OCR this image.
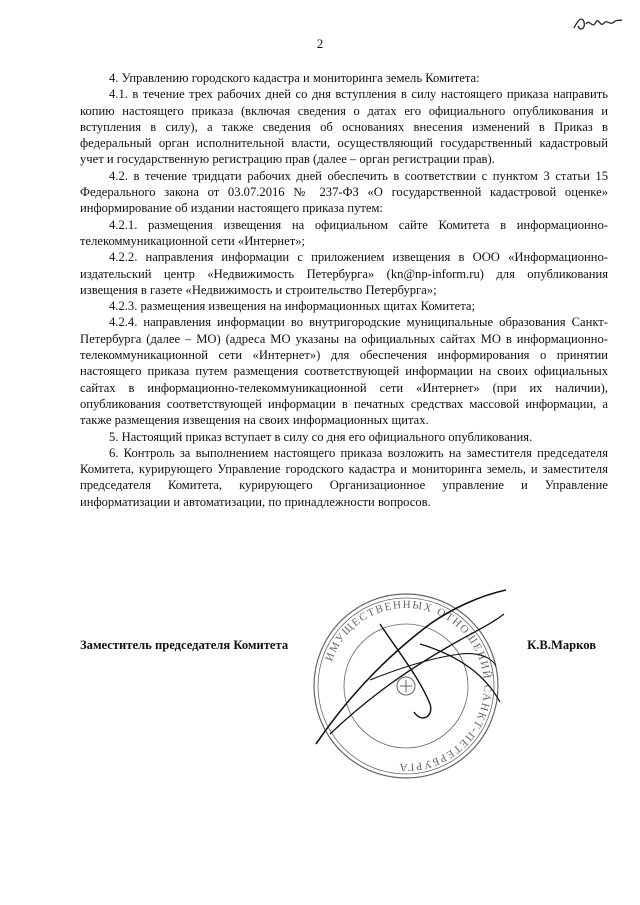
2

4. Управлению городского кадастра и мониторинга земель Комитета:

4.1. в течение трех рабочих дней со дня вступления в силу настоящего приказа направить копию настоящего приказа (включая сведения о датах его официального опубликования и вступления в силу), а также сведения об основаниях внесения изменений в Приказ в федеральный орган исполнительной власти, осуществляющий государственный кадастровый учет и государственную регистрацию прав (далее – орган регистрации прав).

4.2. в течение тридцати рабочих дней обеспечить в соответствии с пунктом 3 статьи 15 Федерального закона от 03.07.2016 № 237-ФЗ «О государственной кадастровой оценке» информирование об издании настоящего приказа путем:

4.2.1. размещения извещения на официальном сайте Комитета в информационно-телекоммуникационной сети «Интернет»;

4.2.2. направления информации с приложением извещения в ООО «Информационно-издательский центр «Недвижимость Петербурга» (kn@np-inform.ru) для опубликования извещения в газете «Недвижимость и строительство Петербурга»;

4.2.3. размещения извещения на информационных щитах Комитета;

4.2.4. направления информации во внутригородские муниципальные образования Санкт-Петербурга (далее – МО) (адреса МО указаны на официальных сайтах МО в информационно-телекоммуникационной сети «Интернет») для обеспечения информирования о принятии настоящего приказа путем размещения соответствующей информации на своих официальных сайтах в информационно-телекоммуникационной сети «Интернет» (при их наличии), опубликования соответствующей информации в печатных средствах массовой информации, а также размещения извещения на своих информационных щитах.

5. Настоящий приказ вступает в силу со дня его официального опубликования.

6. Контроль за выполнением настоящего приказа возложить на заместителя председателя Комитета, курирующего Управление городского кадастра и мониторинга земель, и заместителя председателя Комитета, курирующего Организационное управление и Управление информатизации и автоматизации, по принадлежности вопросов.

ИМУЩЕСТВЕННЫХ ОТНОШЕНИЙ САНКТ-ПЕТЕРБУРГА
Заместитель председателя Комитета	К.В.Марков
